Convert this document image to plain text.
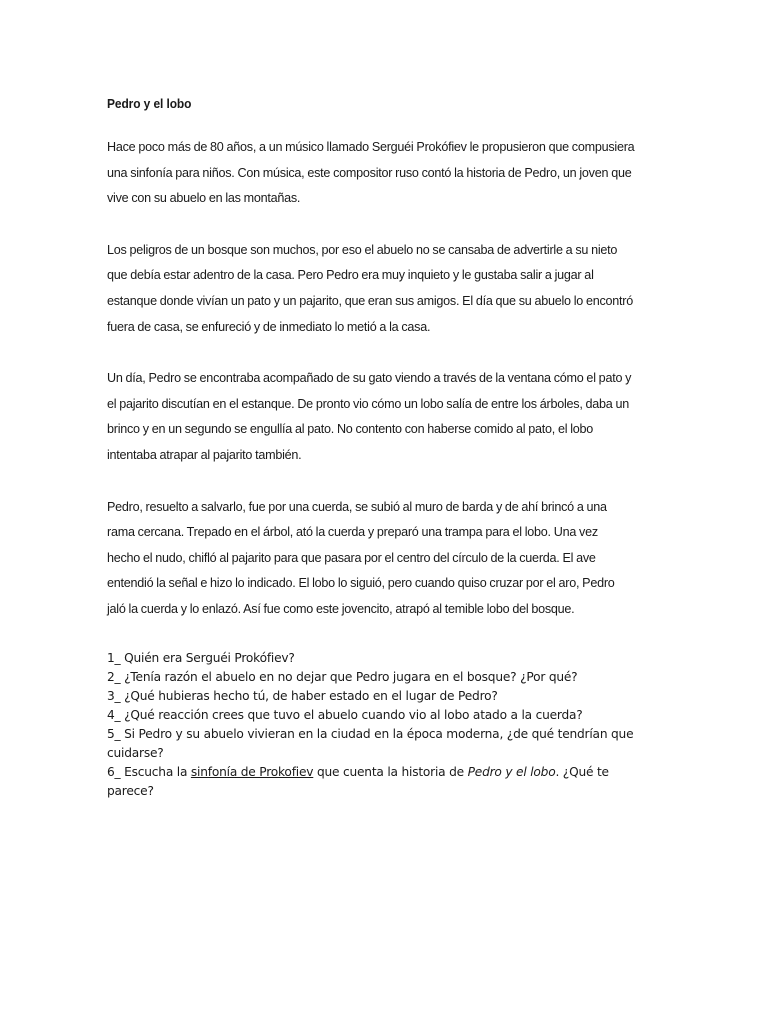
Pedro y el lobo
Hace poco más de 80 años, a un músico llamado Serguéi Prokófiev le propusieron que compusiera
una sinfonía para niños. Con música, este compositor ruso contó la historia de Pedro, un joven que
vive con su abuelo en las montañas.
Los peligros de un bosque son muchos, por eso el abuelo no se cansaba de advertirle a su nieto
que debía estar adentro de la casa. Pero Pedro era muy inquieto y le gustaba salir a jugar al
estanque donde vivían un pato y un pajarito, que eran sus amigos. El día que su abuelo lo encontró
fuera de casa, se enfureció y de inmediato lo metió a la casa.
Un día, Pedro se encontraba acompañado de su gato viendo a través de la ventana cómo el pato y
el pajarito discutían en el estanque. De pronto vio cómo un lobo salía de entre los árboles, daba un
brinco y en un segundo se engullía al pato. No contento con haberse comido al pato, el lobo
intentaba atrapar al pajarito también.
Pedro, resuelto a salvarlo, fue por una cuerda, se subió al muro de barda y de ahí brincó a una
rama cercana. Trepado en el árbol, ató la cuerda y preparó una trampa para el lobo. Una vez
hecho el nudo, chifló al pajarito para que pasara por el centro del círculo de la cuerda. El ave
entendió la señal e hizo lo indicado. El lobo lo siguió, pero cuando quiso cruzar por el aro, Pedro
jaló la cuerda y lo enlazó. Así fue como este jovencito, atrapó al temible lobo del bosque.
1_ Quién era Serguéi Prokófiev?
2_ ¿Tenía razón el abuelo en no dejar que Pedro jugara en el bosque? ¿Por qué?
3_ ¿Qué hubieras hecho tú, de haber estado en el lugar de Pedro?
4_ ¿Qué reacción crees que tuvo el abuelo cuando vio al lobo atado a la cuerda?
5_ Si Pedro y su abuelo vivieran en la ciudad en la época moderna, ¿de qué tendrían que
cuidarse?
6_ Escucha la sinfonía de Prokofiev que cuenta la historia de Pedro y el lobo. ¿Qué te
parece?
